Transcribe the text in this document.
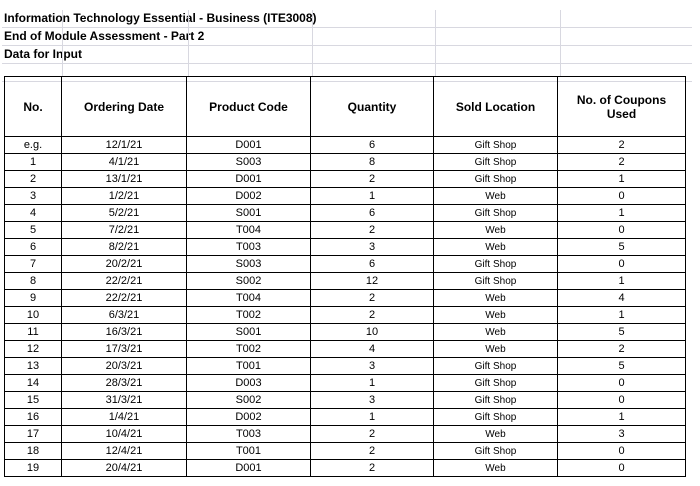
Information Technology Essential - Business (ITE3008)
End of Module Assessment - Part 2
Data for Input
No.	Ordering Date	Product Code	Quantity	Sold Location	No. of Coupons Used
e.g.	12/1/21	D001	6	Gift Shop	2
1	4/1/21	S003	8	Gift Shop	2
2	13/1/21	D001	2	Gift Shop	1
3	1/2/21	D002	1	Web	0
4	5/2/21	S001	6	Gift Shop	1
5	7/2/21	T004	2	Web	0
6	8/2/21	T003	3	Web	5
7	20/2/21	S003	6	Gift Shop	0
8	22/2/21	S002	12	Gift Shop	1
9	22/2/21	T004	2	Web	4
10	6/3/21	T002	2	Web	1
11	16/3/21	S001	10	Web	5
12	17/3/21	T002	4	Web	2
13	20/3/21	T001	3	Gift Shop	5
14	28/3/21	D003	1	Gift Shop	0
15	31/3/21	S002	3	Gift Shop	0
16	1/4/21	D002	1	Gift Shop	1
17	10/4/21	T003	2	Web	3
18	12/4/21	T001	2	Gift Shop	0
19	20/4/21	D001	2	Web	0
